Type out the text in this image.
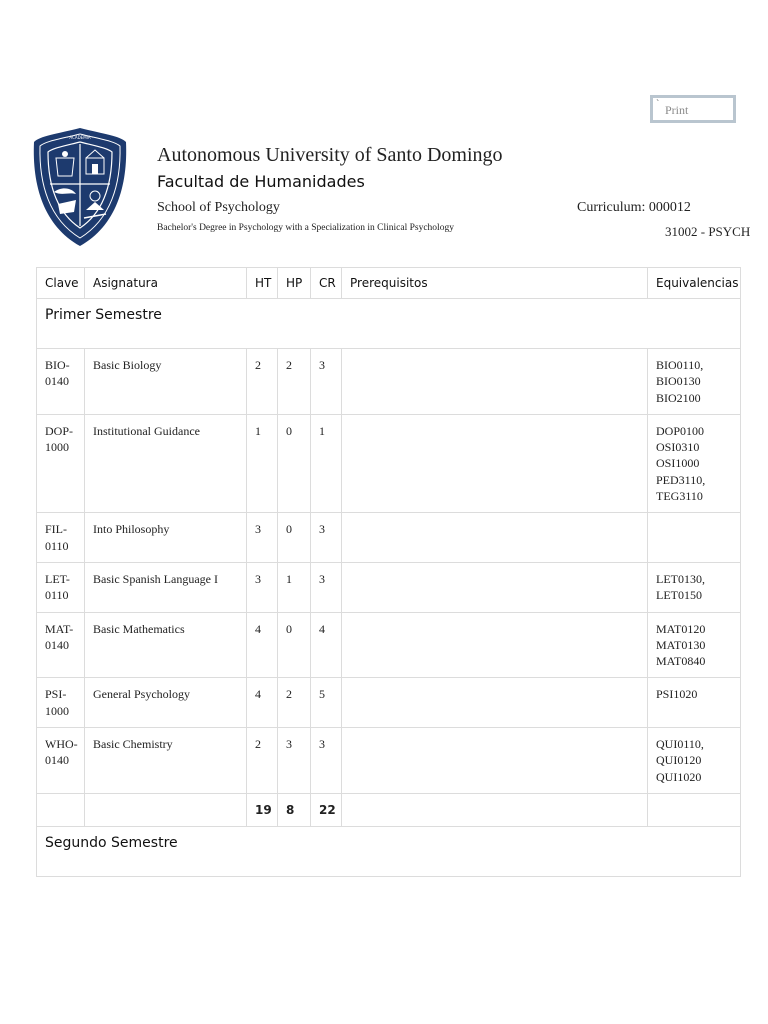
` Print
· ACADEMIA ·
Autonomous University of Santo Domingo
Facultad de Humanidades
School of Psychology
Bachelor's Degree in Psychology with a Specialization in Clinical Psychology
Curriculum: 000012
31002 - PSYCH
Clave	Asignatura	HT	HP	CR	Prerequisitos	Equivalencias
Primer Semestre						

BIO-
0140	Basic Biology	2	2	3		BIO0110,
BIO0130
BIO2100

DOP-
1000	Institutional Guidance	1	0	1		DOP0100
OSI0310
OSI1000
PED3110,
TEG3110

FIL-
0110	Into Philosophy	3	0	3		

LET-
0110	Basic Spanish Language I	3	1	3		LET0130,
LET0150

MAT-
0140	Basic Mathematics	4	0	4		MAT0120
MAT0130
MAT0840

PSI-
1000	General Psychology	4	2	5		PSI1020

WHO-
0140	Basic Chemistry	2	3	3		QUI0110,
QUI0120
QUI1020

		19	8	22		
Segundo Semestre						
